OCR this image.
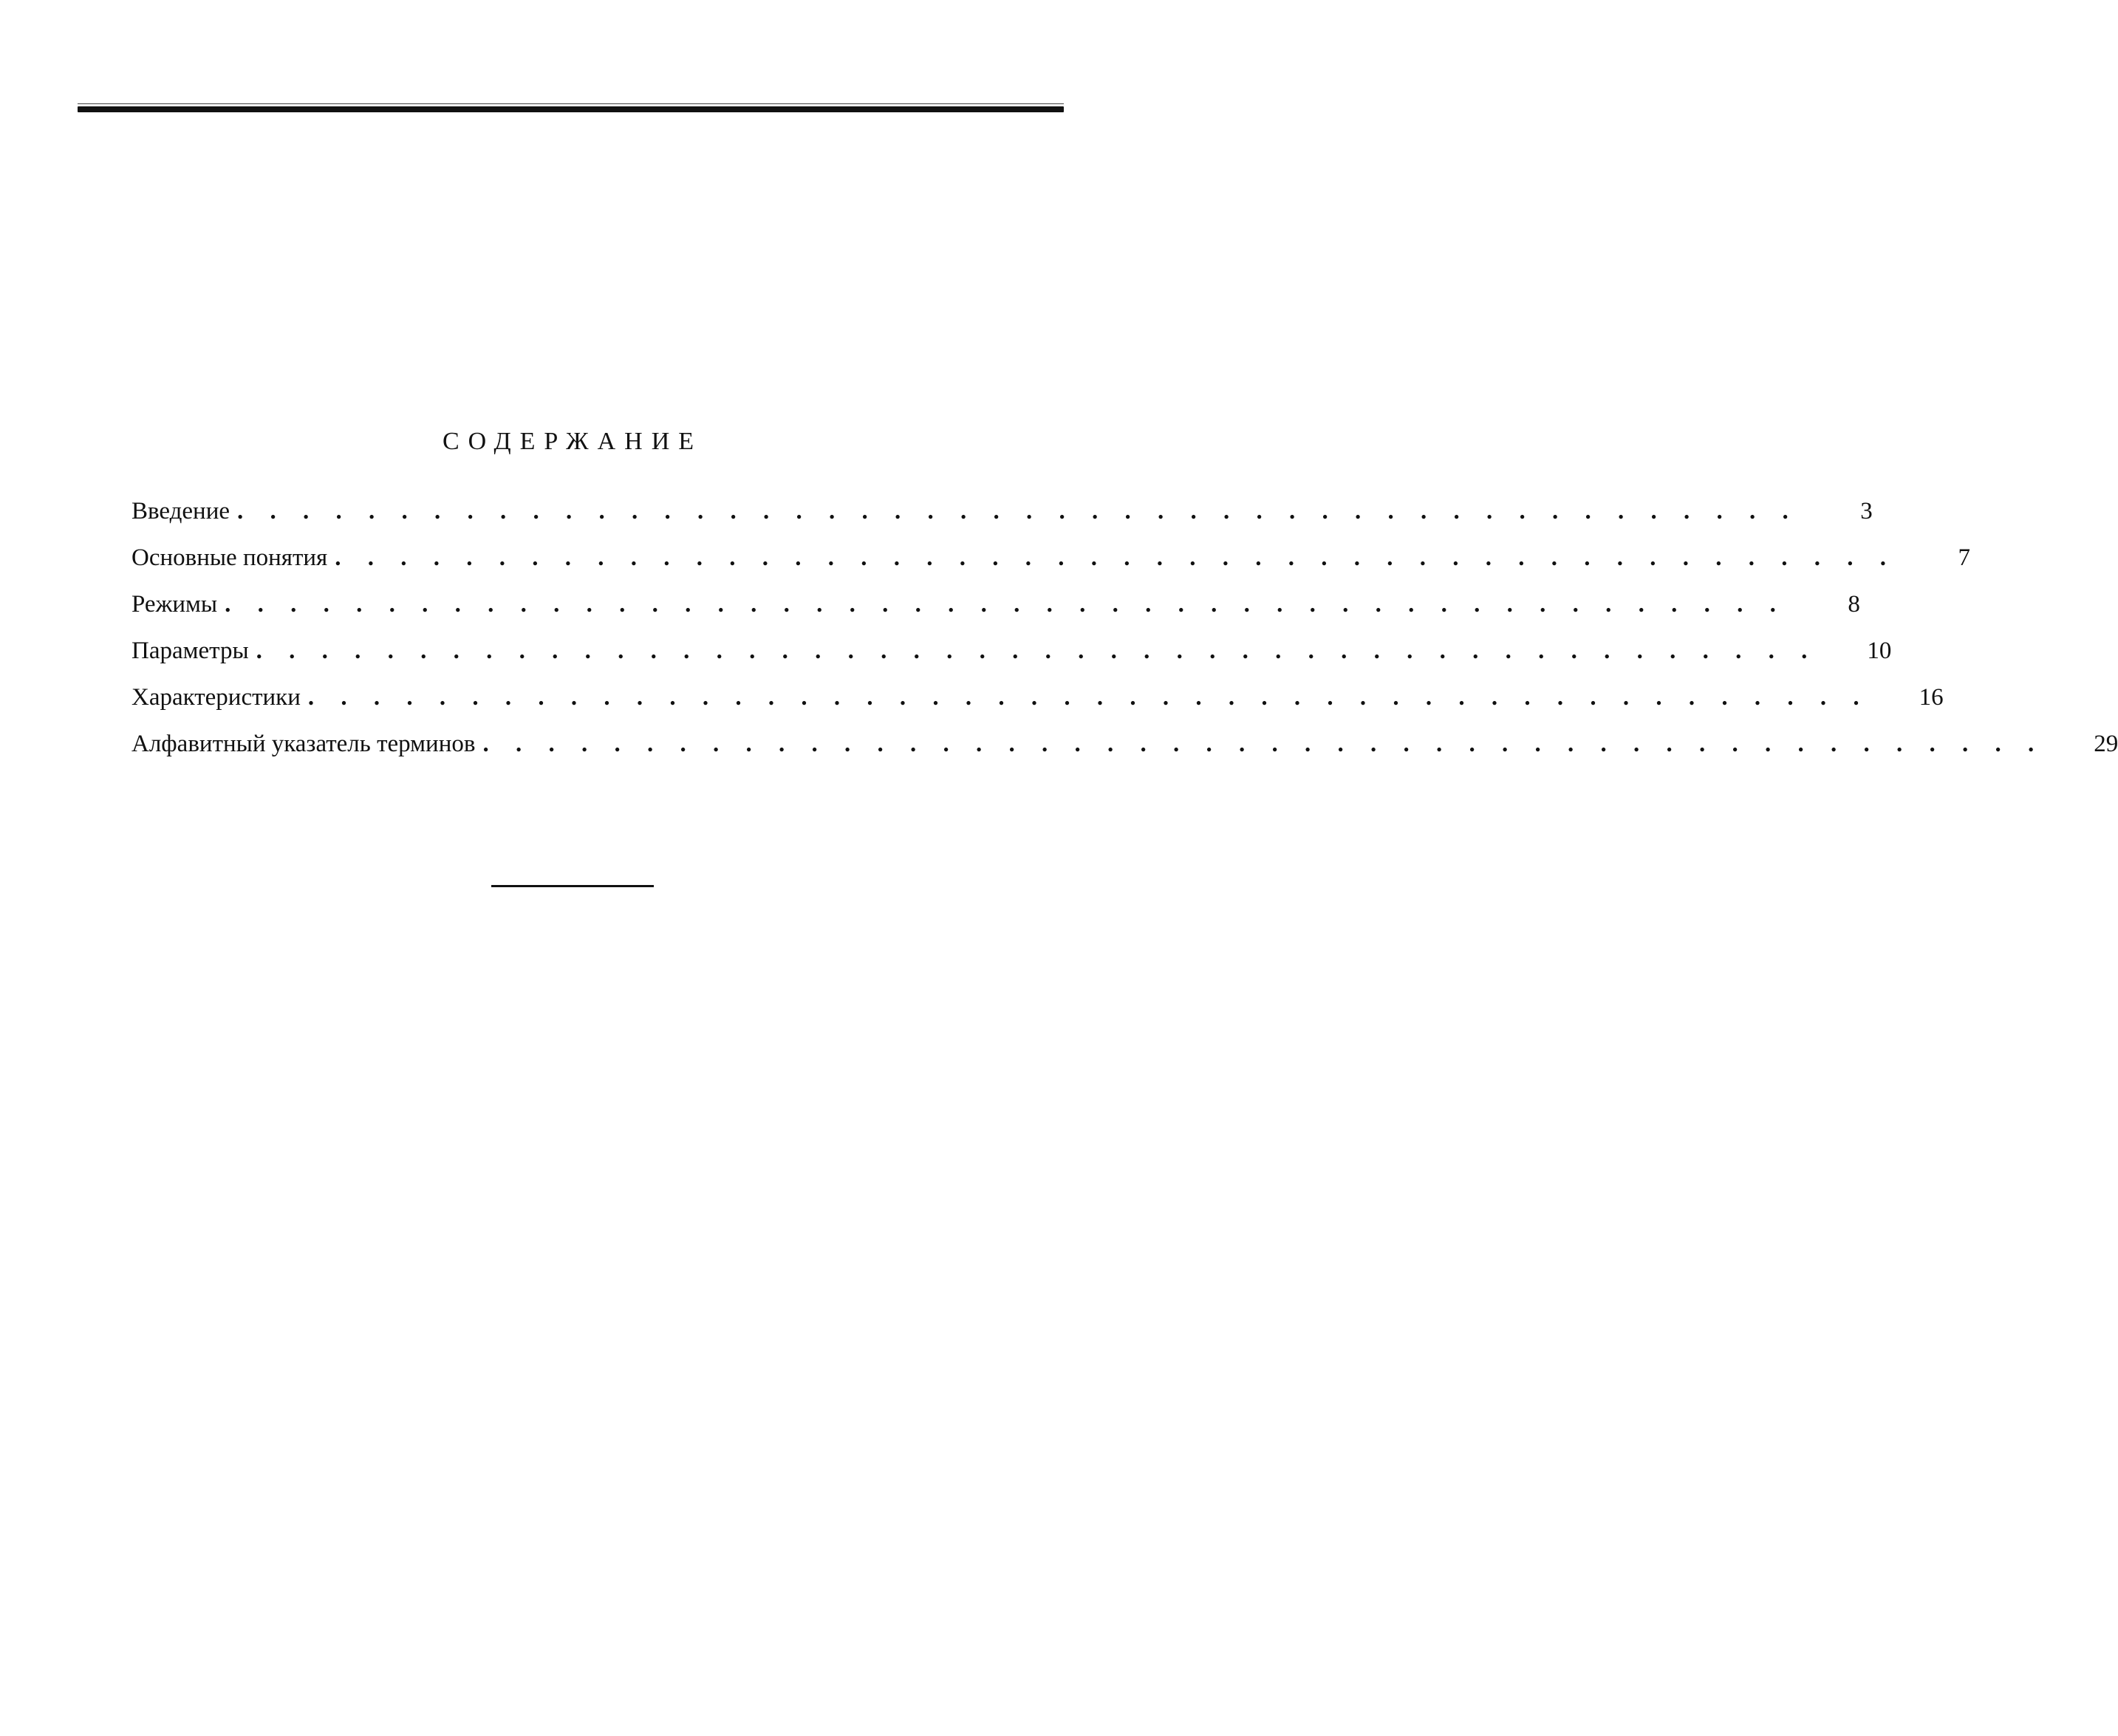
СОДЕРЖАНИЕ
Введение . . . . . . . . . . . . . . . . . . . . . . . . . . . . . . . . . . . . . . . . . . . . . . . .	3
Основные понятия . . . . . . . . . . . . . . . . . . . . . . . . . . . . . . . . . . . . . . . . . . . . . . . .	7
Режимы . . . . . . . . . . . . . . . . . . . . . . . . . . . . . . . . . . . . . . . . . . . . . . . .	8
Параметры . . . . . . . . . . . . . . . . . . . . . . . . . . . . . . . . . . . . . . . . . . . . . . . .	10
Характеристики . . . . . . . . . . . . . . . . . . . . . . . . . . . . . . . . . . . . . . . . . . . . . . . .	16
Алфавитный указатель терминов . . . . . . . . . . . . . . . . . . . . . . . . . . . . . . . . . . . . . . . . . . . . . . . .	29
